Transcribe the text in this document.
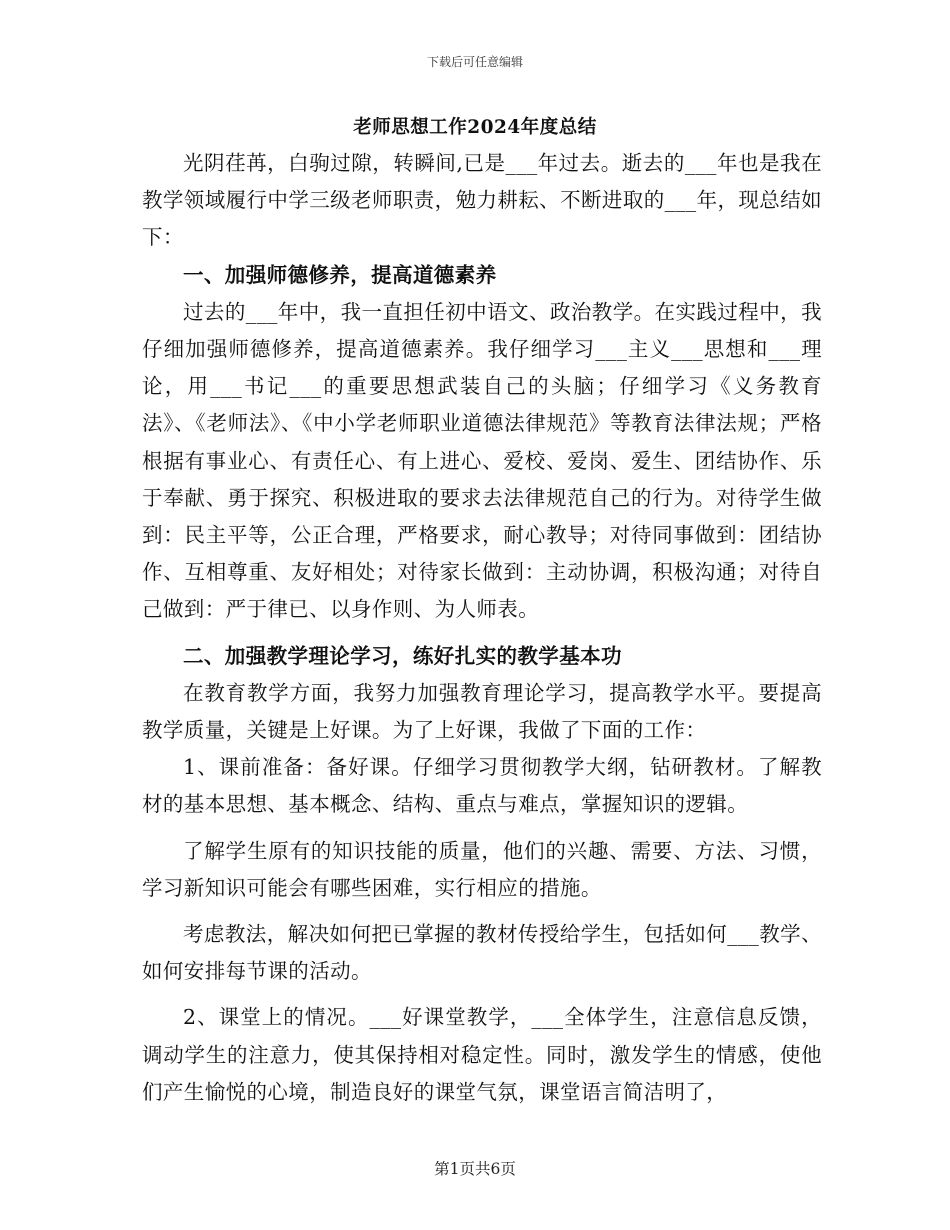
下载后可任意编辑
老师思想工作2024年度总结

光阴荏苒，白驹过隙，转瞬间,已是___年过去。逝去的___年也是我在教学领域履行中学三级老师职责，勉力耕耘、不断进取的___年，现总结如下：

一、加强师德修养，提高道德素养

过去的___年中，我一直担任初中语文、政治教学。在实践过程中，我仔细加强师德修养，提高道德素养。我仔细学习___主义___思想和___理论，用___书记___的重要思想武装自己的头脑；仔细学习《义务教育法》、《老师法》、《中小学老师职业道德法律规范》等教育法律法规；严格根据有事业心、有责任心、有上进心、爱校、爱岗、爱生、团结协作、乐于奉献、勇于探究、积极进取的要求去法律规范自己的行为。对待学生做到：民主平等，公正合理，严格要求，耐心教导；对待同事做到：团结协作、互相尊重、友好相处；对待家长做到：主动协调，积极沟通；对待自己做到：严于律已、以身作则、为人师表。

二、加强教学理论学习，练好扎实的教学基本功

在教育教学方面，我努力加强教育理论学习，提高教学水平。要提高教学质量，关键是上好课。为了上好课，我做了下面的工作：

1、课前准备：备好课。仔细学习贯彻教学大纲，钻研教材。了解教材的基本思想、基本概念、结构、重点与难点，掌握知识的逻辑。

了解学生原有的知识技能的质量，他们的兴趣、需要、方法、习惯，学习新知识可能会有哪些困难，实行相应的措施。

考虑教法，解决如何把已掌握的教材传授给学生，包括如何___教学、如何安排每节课的活动。

2、课堂上的情况。___好课堂教学，___全体学生，注意信息反馈，调动学生的注意力，使其保持相对稳定性。同时，激发学生的情感，使他们产生愉悦的心境，制造良好的课堂气氛，课堂语言简洁明了，

第1页共6页
